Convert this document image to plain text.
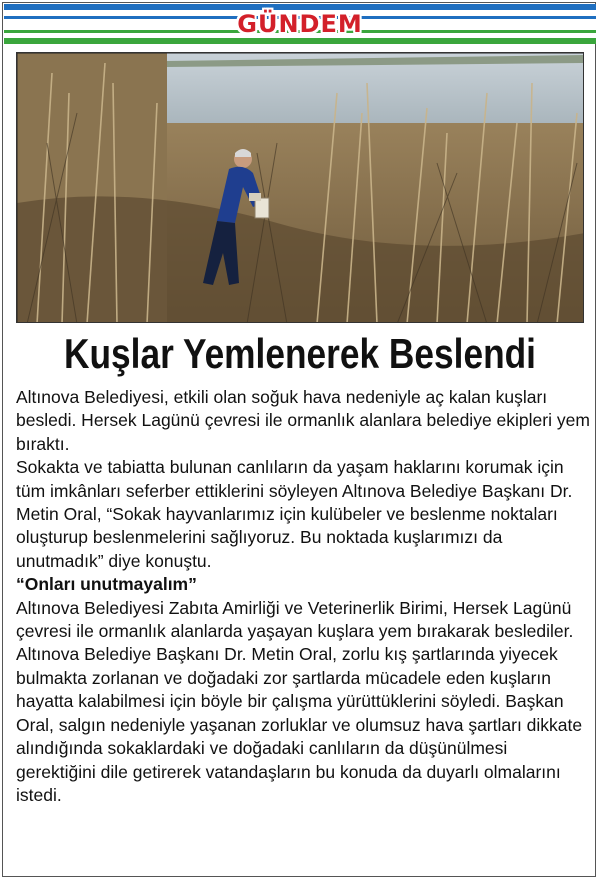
GÜNDEM
Kuşlar Yemlenerek Beslendi

Altınova Belediyesi, etkili olan soğuk hava nedeniyle aç kalan kuşları besledi. Hersek Lagünü çevresi ile ormanlık alanlara belediye ekipleri yem bıraktı.

Sokakta ve tabiatta bulunan canlıların da yaşam haklarını korumak için tüm imkânları seferber ettiklerini söyleyen Altınova Belediye Başkanı Dr. Metin Oral, “Sokak hayvanlarımız için kulübeler ve beslenme noktaları oluşturup beslenmelerini sağlıyoruz. Bu noktada kuşlarımızı da unutmadık” diye konuştu.

“Onları unutmayalım”

Altınova Belediyesi Zabıta Amirliği ve Veterinerlik Birimi, Hersek Lagünü çevresi ile ormanlık alanlarda yaşayan kuşlara yem bırakarak beslediler.

Altınova Belediye Başkanı Dr. Metin Oral, zorlu kış şartlarında yiyecek bulmakta zorlanan ve doğadaki zor şartlarda mücadele eden kuşların hayatta kalabilmesi için böyle bir çalışma yürüttüklerini söyledi. Başkan Oral, salgın nedeniyle yaşanan zorluklar ve olumsuz hava şartları dikkate alındığında sokaklardaki ve doğadaki canlıların da düşünülmesi gerektiğini dile getirerek vatandaşların bu konuda da duyarlı olmalarını istedi.
